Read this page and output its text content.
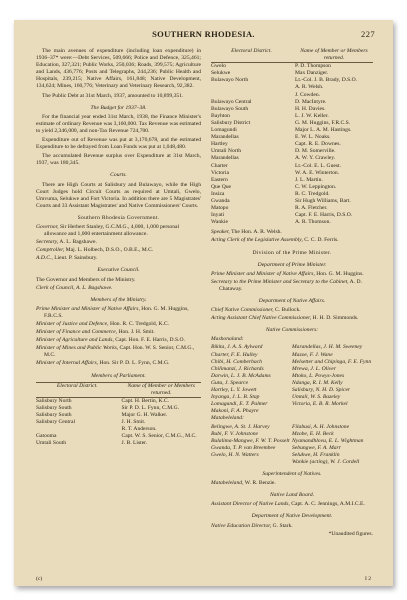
SOUTHERN RHODESIA.	227

The main avenues of expenditure (including loan expenditure) in 1936–37* were:—Debt Services, 509,666; Police and Defence, 325,461; Education, 327,321; Public Works, 250,036; Roads, 399,575; Agriculture and Lands, 436,776; Posts and Telegraphs, 244,236; Public Health and Hospitals, 239,215; Native Affairs, 161,848; Native Development, 134,624; Mines, 160,776; Veterinary and Veterinary Research, 92,382.

The Public Debt at 31st March, 1937, amounted to 10,899,351.

The Budget for 1937–38.

For the financial year ended 31st March, 1938, the Finance Minister's estimate of ordinary Revenue was 3,160,000. Tax Revenue was estimated to yield 2,346,000, and non-Tax Revenue 724,700.

Expenditure out of Revenue was put at 3,170,678, and the estimated Expenditure to be defrayed from Loan Funds was put at 1,048,480.

The accumulated Revenue surplus over Expenditure at 31st March, 1937, was 180,345.

Courts.

There are High Courts at Salisbury and Bulawayo, while the High Court Judges hold Circuit Courts as required at Umtali, Gwelo, Umvuma, Selukwe and Fort Victoria. In addition there are 5 Magistrates' Courts and 33 Assistant Magistrates' and Native Commissioners' Courts.

Southern Rhodesia Government.

Governor, Sir Herbert Stanley, G.C.M.G., 4,000, 1,000 personal allowance and 1,000 entertainment allowance.
Secretary, A. L. Bagshawe.
Comptroller, Maj. L. Holbech, D.S.O., O.B.E., M.C.
A.D.C., Lieut. P. Sainsbury.

Executive Council.

The Governor and Members of the Ministry.
Clerk of Council, A. L. Bagshawe.

Members of the Ministry.

Prime Minister and Minister of Native Affairs, Hon. G. M. Huggins, F.R.C.S.
Minister of Justice and Defence, Hon. R. C. Tredgold, K.C.
Minister of Finance and Commerce, Hon. J. H. Smit.
Minister of Agriculture and Lands, Capt. Hon. F. E. Harris, D.S.O.
Minister of Mines and Public Works, Capt. Hon. W. S. Senior, C.M.G., M.C.
Minister of Internal Affairs, Hon. Sir P. D. L. Fynn, C.M.G.

Members of Parliament.

Electoral District.	Name of Member or Members returned.
Salisbury North	Capt. H. Bertin, K.C.
Salisbury South	Sir P. D. L. Fynn, C.M.G.
Salisbury South	Major G. H. Walker.
Salisbury Central	J. H. Smit.
	R. T. Anderson.
Gatooma	Capt. W. S. Senior, C.M.G., M.C.
Umtali South	J. B. Lister.
Electoral District.	Name of Member or Members returned.
Gwelo	P. D. Thompson
Selukwe	Max Danziger.
Bulawayo North	Lt.-Col. J. B. Brady, D.S.O.
	A. R. Welsh.
	J. Cowden.
Bulawayo Central	D. MacIntyre.
Bulawayo South	H. H. Davies.
Bayhton	L. J. W. Keller.
Salisbury District	G. M. Huggins, F.R.C.S.
Lomagundi	Major L. A. M. Hastings.
Marandellas	E. W. L. Noaks.
Hartley	Capt. R. E. Downes.
Umtali North	D. M. Somerville.
Marandellas	A. W. Y. Crawley.
Charter	Lt.-Col. E. L. Guest.
Victoria	W. A. E. Winterton.
Eastern	J. L. Martin.
Que Que	C. W. Leppington.
Insiza	R. C. Tredgold.
Gwanda	Sir Hugh Williams, Bart.
Matopo	R. A. Fletcher.
Inyati	Capt. F. E. Harris, D.S.O.
Wankie	A. R. Thomson.
Speaker, The Hon. A. R. Welsh.
Acting Clerk of the Legislative Assembly, C. C. D. Ferris.

Division of the Prime Minister.

Department of Prime Minister.

Prime Minister and Minister of Native Affairs, Hon. G. M. Huggins.
Secretary to the Prime Minister and Secretary to the Cabinet, A. D. Chataway.

Department of Native Affairs.

Chief Native Commissioner, C. Bullock.
Acting Assistant Chief Native Commissioner, H. H. D. Simmonds.

Native Commissioners:

Mashonaland:
Bikita, J. A. S. Aylward	Marandellas, J. H. M. Sweeney
Charter, F. E. Hulley	Mazoe, F. J. Wane
Chibi, H. Comberbach	Melsetter and Chipinga, F. E. Fynn
Chilimanzi, J. Richards	Mrewa, J. L. Oliver
Darwin, L. J. B. McAdams	Mtoko, L. Powys-Jones
Gutu, J. Spearce	Ndanga, R. I. M. Kelly
Hartley, L. Y. Jowett	Salisbury, N. H. D. Spicer
Inyanga, J. L. B. Stap	Umtali, W. S. Bazeley
Lomagundi, E. T. Palmer	Victoria, E. B. R. Morkel
Makoni, F. A. Phayre	
Matabeleland:
Belingwe, A. St. J. Harvey	Filabusi, A. H. Johnstone
Bubi, F. V. Johnstone	Mzobe, E. H. Beck
Bulalima-Mangwe, F. W. T. Posselt	Nyamandhlovu, E. L. Wightman
Gwanda, T. P. van Breembee	Sebungwe, F. A. Marr
Gwelo, H. N. Watters	Selukwe, H. Franklin
	Wankie (acting), W. J. Cordell

Superintendent of Natives.

Matabeleland, W. R. Benzie.

Native Land Board.

Assistant Director of Native Lands, Capt. A. C. Jennings, A.M.I.C.E.

Department of Native Development.

Native Education Director, G. Stark.
*Unaudited figures.
(c)	I 2
